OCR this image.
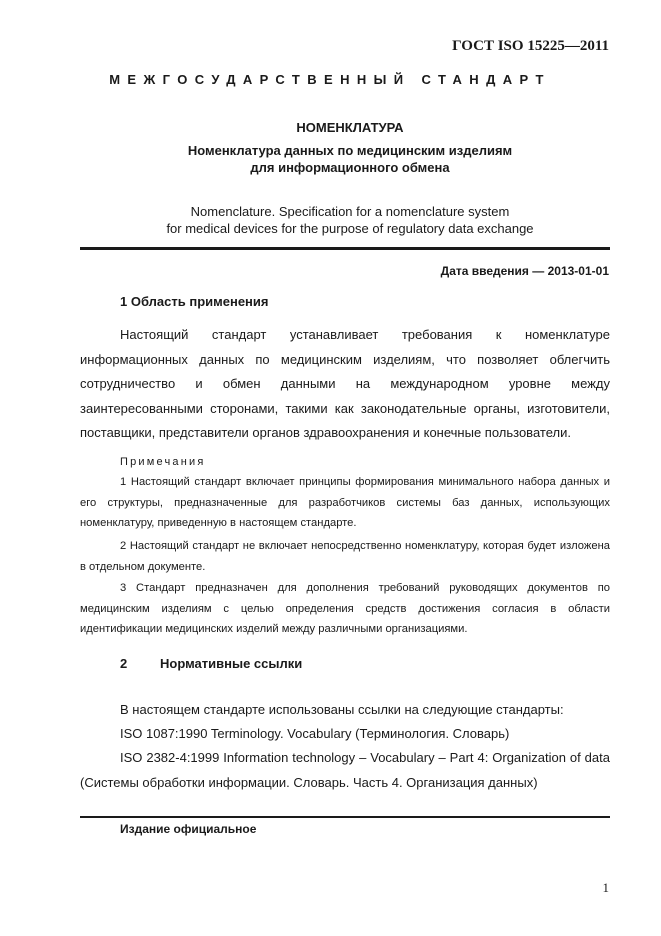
ГОСТ ISO 15225—2011
МЕЖГОСУДАРСТВЕННЫЙ СТАНДАРТ
НОМЕНКЛАТУРА
Номенклатура данных по медицинским изделиям
для информационного обмена
Nomenclature. Specification for a nomenclature system
for medical devices for the purpose of regulatory data exchange
Дата введения — 2013-01-01
1 Область применения
Настоящий стандарт устанавливает требования к номенклатуре информационных данных по медицинским изделиям, что позволяет облегчить сотрудничество и обмен данными на международном уровне между заинтересованными сторонами, такими как законодательные органы, изготовители, поставщики, представители органов здравоохранения и конечные пользователи.
Примечания
1 Настоящий стандарт включает принципы формирования минимального набора данных и его структуры, предназначенные для разработчиков системы баз данных, использующих номенклатуру, приведенную в настоящем стандарте.
2 Настоящий стандарт не включает непосредственно номенклатуру, которая будет изложена в отдельном документе.
3 Стандарт предназначен для дополнения требований руководящих документов по медицинским изделиям с целью определения средств достижения согласия в области идентификации медицинских изделий между различными организациями.
2	Нормативные ссылки
В настоящем стандарте использованы ссылки на следующие стандарты:
ISO 1087:1990 Terminology. Vocabulary (Терминология. Словарь)
ISO 2382-4:1999 Information technology – Vocabulary – Part 4: Organization of data (Системы обработки информации. Словарь. Часть 4. Организация данных)
Издание официальное
1
